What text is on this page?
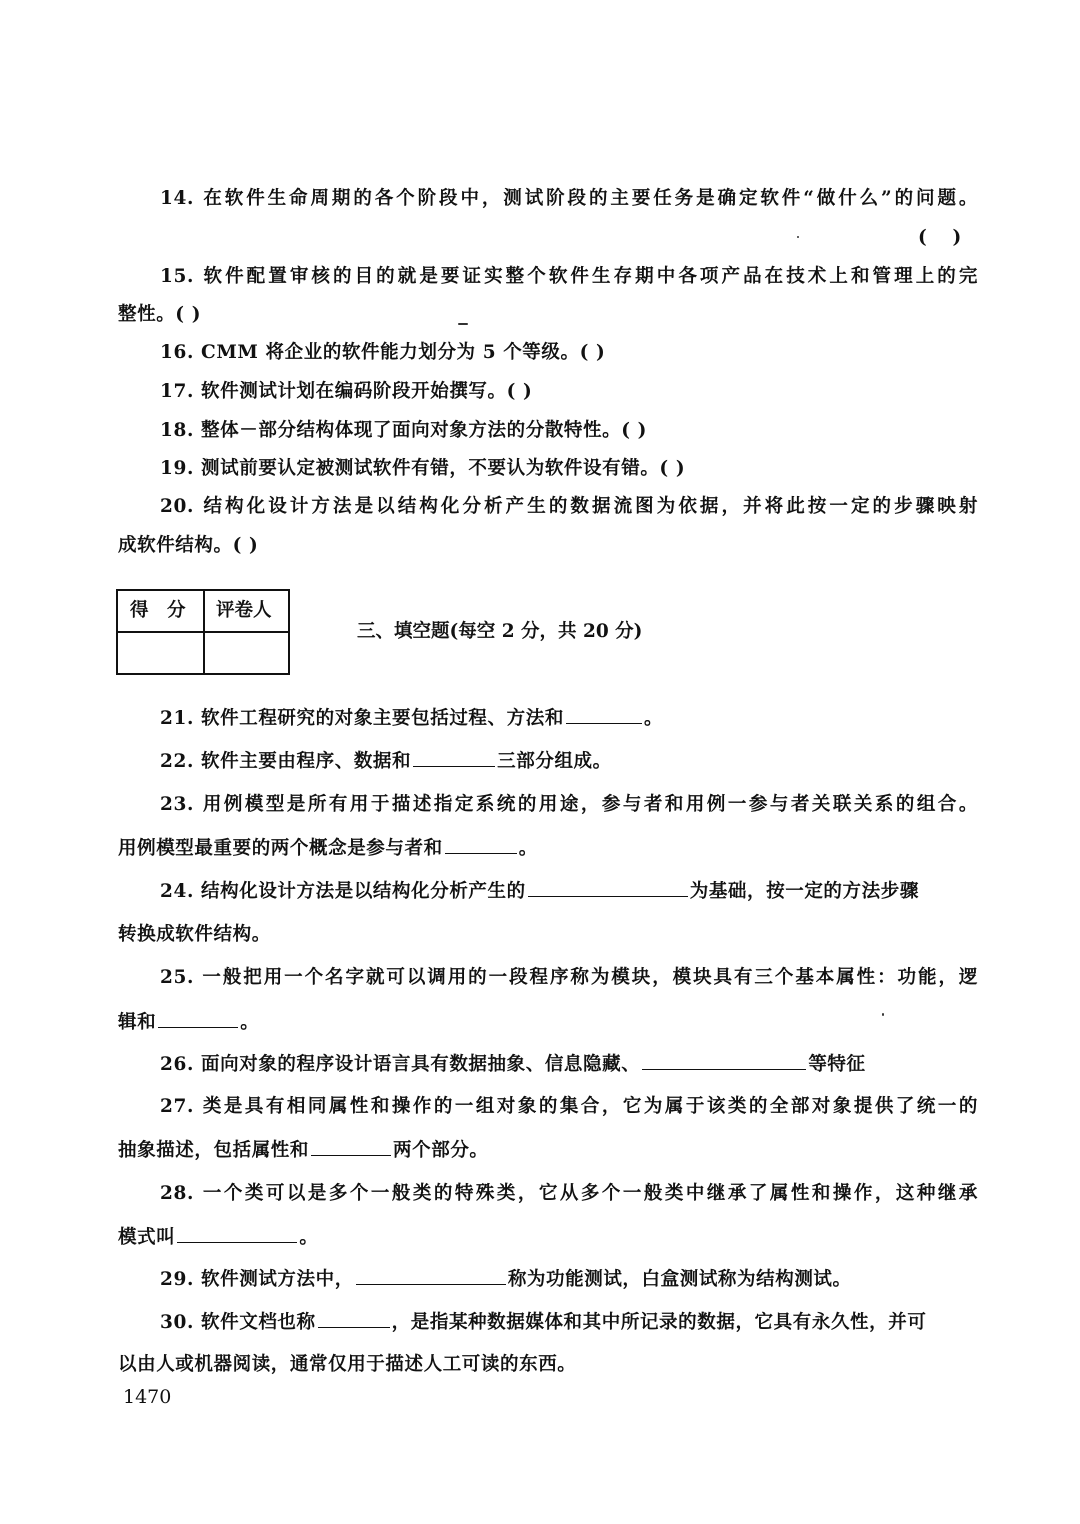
14. 在软件生命周期的各个阶段中，测试阶段的主要任务是确定软件“做什么”的问题。
(    )
15. 软件配置审核的目的就是要证实整个软件生存期中各项产品在技术上和管理上的完
整性。( )
16. CMM 将企业的软件能力划分为 5 个等级。( )
17. 软件测试计划在编码阶段开始撰写。( )
18. 整体－部分结构体现了面向对象方法的分散特性。( )
19. 测试前要认定被测试软件有错，不要认为软件设有错。( )
20. 结构化设计方法是以结构化分析产生的数据流图为依据，并将此按一定的步骤映射
成软件结构。( )
得　分 评卷人
三、填空题(每空 2 分，共 20 分)
21. 软件工程研究的对象主要包括过程、方法和	。
22. 软件主要由程序、数据和	三部分组成。
23. 用例模型是所有用于描述指定系统的用途，参与者和用例一参与者关联关系的组合。
用例模型最重要的两个概念是参与者和	。
24. 结构化设计方法是以结构化分析产生的	为基础，按一定的方法步骤
转换成软件结构。
25. 一般把用一个名字就可以调用的一段程序称为模块，模块具有三个基本属性：功能，逻
辑和	。
26. 面向对象的程序设计语言具有数据抽象、信息隐藏、	等特征
27. 类是具有相同属性和操作的一组对象的集合，它为属于该类的全部对象提供了统一的
抽象描述，包括属性和	两个部分。
28. 一个类可以是多个一般类的特殊类，它从多个一般类中继承了属性和操作，这种继承
模式叫	。
29. 软件测试方法中，	称为功能测试，白盒测试称为结构测试。
30. 软件文档也称	，是指某种数据媒体和其中所记录的数据，它具有永久性，并可
以由人或机器阅读，通常仅用于描述人工可读的东西。
1470
